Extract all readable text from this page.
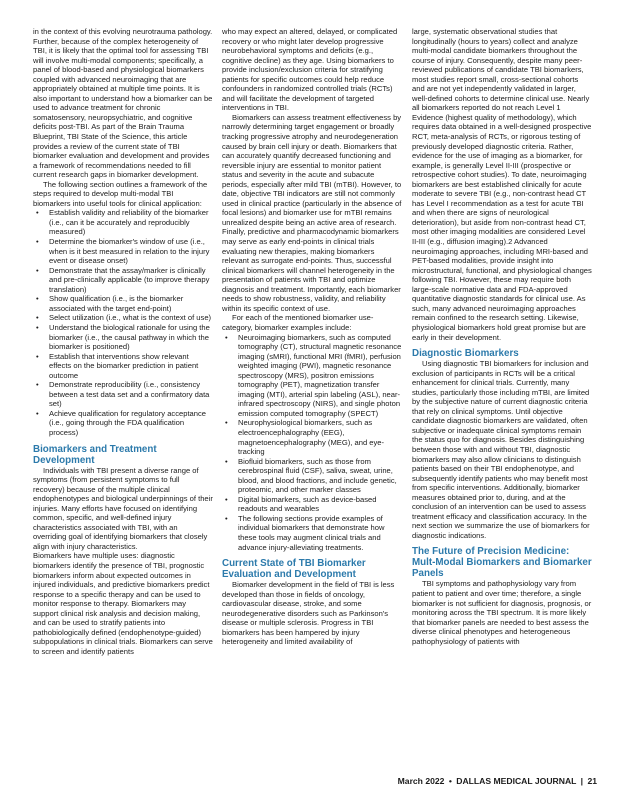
in the context of this evolving neurotrauma pathology. Further, because of the complex heterogeneity of TBI, it is likely that the optimal tool for assessing TBI will involve multi-modal components; specifically, a panel of blood-based and physiological biomarkers coupled with advanced neuroimaging that are appropriately obtained at multiple time points. It is also important to understand how a biomarker can be used to advance treatment for chronic somatosensory, neuropsychiatric, and cognitive deficits post-TBI. As part of the Brain Trauma Blueprint, TBI State of the Science, this article provides a review of the current state of TBI biomarker evaluation and development and provides a framework of recommendations needed to fill current research gaps in biomarker development.

The following section outlines a framework of the steps required to develop multi-modal TBI biomarkers into useful tools for clinical application:

• Establish validity and reliability of the biomarker (i.e., can it be accurately and reproducibly measured)
• Determine the biomarker's window of use (i.e., when is it best measured in relation to the injury event or disease onset)
• Demonstrate that the assay/marker is clinically and pre-clinically applicable (to improve therapy translation)
• Show qualification (i.e., is the biomarker associated with the target end-point)
• Select utilization (i.e., what is the context of use)
• Understand the biological rationale for using the biomarker (i.e., the causal pathway in which the biomarker is positioned)
• Establish that interventions show relevant effects on the biomarker prediction in patient outcome
• Demonstrate reproducibility (i.e., consistency between a test data set and a confirmatory data set)
• Achieve qualification for regulatory acceptance (i.e., going through the FDA qualification process)
Biomarkers and Treatment Development

Individuals with TBI present a diverse range of symptoms (from persistent symptoms to full recovery) because of the multiple clinical endophenotypes and biological underpinnings of their injuries. Many efforts have focused on identifying common, specific, and well-defined injury characteristics associated with TBI, with an overriding goal of identifying biomarkers that closely align with injury characteristics.

Biomarkers have multiple uses: diagnostic biomarkers identify the presence of TBI, prognostic biomarkers inform about expected outcomes in injured individuals, and predictive biomarkers predict response to a specific therapy and can be used to monitor response to therapy. Biomarkers may support clinical risk analysis and decision making, and can be used to stratify patients into pathobiologically defined (endophenotype-guided) subpopulations in clinical trials. Biomarkers can serve to screen and identify patients

who may expect an altered, delayed, or complicated recovery or who might later develop progressive neurobehavioral symptoms and deficits (e.g., cognitive decline) as they age. Using biomarkers to provide inclusion/exclusion criteria for stratifying patients for specific outcomes could help reduce confounders in randomized controlled trials (RCTs) and will facilitate the development of targeted interventions in TBI.

Biomarkers can assess treatment effectiveness by narrowly determining target engagement or broadly tracking progressive atrophy and neurodegeneration caused by brain cell injury or death. Biomarkers that can accurately quantify decreased functioning and reversible injury are essential to monitor patient status and severity in the acute and subacute periods, especially after mild TBI (mTBI). However, to date, objective TBI indicators are still not commonly used in clinical practice (particularly in the absence of focal lesions) and biomarker use for mTBI remains unrealized despite being an active area of research. Finally, predictive and pharmacodynamic biomarkers may serve as early end-points in clinical trials evaluating new therapies, making biomarkers relevant as surrogate end-points. Thus, successful clinical biomarkers will channel heterogeneity in the presentation of patients with TBI and optimize diagnosis and treatment. Importantly, each biomarker needs to show robustness, validity, and reliability within its specific context of use.

For each of the mentioned biomarker use-category, biomarker examples include:

• Neuroimaging biomarkers, such as computed tomography (CT), structural magnetic resonance imaging (sMRI), functional MRI (fMRI), perfusion weighted imaging (PWI), magnetic resonance spectroscopy (MRS), positron emissions tomography (PET), magnetization transfer imaging (MTI), arterial spin labeling (ASL), near-infrared spectroscopy (NIRS), and single photon emission computed tomography (SPECT)
• Neurophysiological biomarkers, such as electroencephalography (EEG), magnetoencephalography (MEG), and eye-tracking
• Biofluid biomarkers, such as those from cerebrospinal fluid (CSF), saliva, sweat, urine, blood, and blood fractions, and include genetic, proteomic, and other marker classes
• Digital biomarkers, such as device-based readouts and wearables
• The following sections provide examples of individual biomarkers that demonstrate how these tools may augment clinical trials and advance injury-alleviating treatments.
Current State of TBI Biomarker Evaluation and Development

Biomarker development in the field of TBI is less developed than those in fields of oncology, cardiovascular disease, stroke, and some neurodegenerative disorders such as Parkinson's disease or multiple sclerosis. Progress in TBI biomarkers has been hampered by injury heterogeneity and limited availability of

large, systematic observational studies that longitudinally (hours to years) collect and analyze multi-modal candidate biomarkers throughout the course of injury. Consequently, despite many peer-reviewed publications of candidate TBI biomarkers, most studies report small, cross-sectional cohorts and are not yet independently validated in larger, well-defined cohorts to determine clinical use. Nearly all biomarkers reported do not reach Level 1 Evidence (highest quality of methodology), which requires data obtained in a well-designed prospective RCT, meta-analysis of RCTs, or rigorous testing of previously developed diagnostic criteria. Rather, evidence for the use of imaging as a biomarker, for example, is generally Level II-III (prospective or retrospective cohort studies). To date, neuroimaging biomarkers are best established clinically for acute moderate to severe TBI (e.g., non-contrast head CT has Level I recommendation as a test for acute TBI and when there are signs of neurological deterioration), but aside from non-contrast head CT, most other imaging modalities are considered Level II-III (e.g., diffusion imaging).2 Advanced neuroimaging approaches, including MRI-based and PET-based modalities, provide insight into microstructural, functional, and physiological changes following TBI. However, these may require both large-scale normative data and FDA-approved quantitative diagnostic standards for clinical use. As such, many advanced neuroimaging approaches remain confined to the research setting. Likewise, physiological biomarkers hold great promise but are early in their development.

Diagnostic Biomarkers

Using diagnostic TBI biomarkers for inclusion and exclusion of participants in RCTs will be a critical enhancement for clinical trials. Currently, many studies, particularly those including mTBI, are limited by the subjective nature of current diagnostic criteria that rely on clinical symptoms. Until objective candidate diagnostic biomarkers are validated, often subjective or inadequate clinical symptoms remain the status quo for diagnosis. Besides distinguishing between those with and without TBI, diagnostic biomarkers may also allow clinicians to distinguish patients based on their TBI endophenotype, and subsequently identify patients who may benefit most from specific interventions. Additionally, biomarker measures obtained prior to, during, and at the conclusion of an intervention can be used to assess treatment efficacy and classification accuracy. In the next section we summarize the use of biomarkers for diagnostic indications.

The Future of Precision Medicine: Mult-Modal Biomarkers and Biomarker Panels

TBI symptoms and pathophysiology vary from patient to patient and over time; therefore, a single biomarker is not sufficient for diagnosis, prognosis, or monitoring across the TBI spectrum. It is more likely that biomarker panels are needed to best assess the diverse clinical phenotypes and heterogeneous pathophysiology of patients with

March 2022 • DALLAS MEDICAL JOURNAL | 21
